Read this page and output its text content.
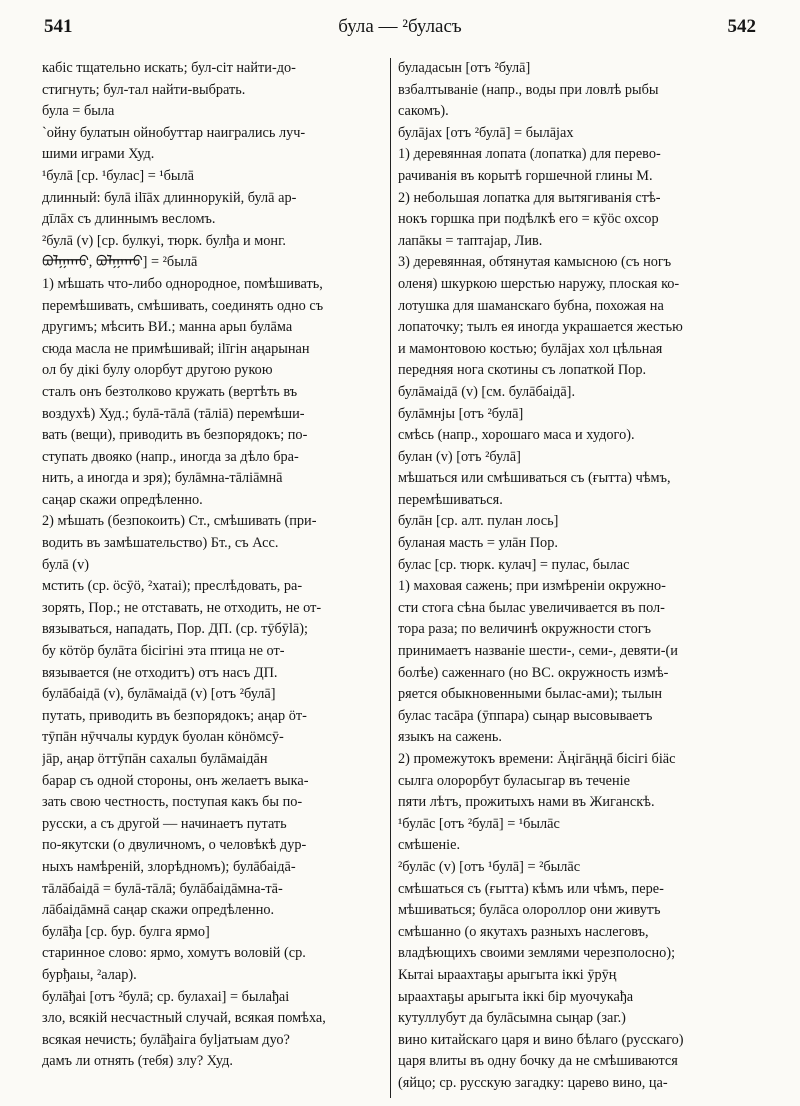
541	була — ²буласъ	542
кабіс тщательно искать; бул-сіт найти-до-
стигнуть; бул-тал найти-выбрать.
була = была
`ойну булатын ойнобуттар наигрались луч-
шими играми Худ.
¹булā [ср. ¹булас] = ¹былā
длинный: булā ilīāх длиннорукій, булā ар-
дīлāх съ длиннымъ весломъ.
²булā (v) [ср. булкуі, тюрк. булђа и монг.
ᠪᠤᠯᠭᠠᠬᠤ, ᠪᠤᠯᠭᠠᠬᠤ] = ²былā
1) мѣшать что-либо однородное, помѣшивать,
перемѣшивать, смѣшивать, соединять одно съ
другимъ; мѣсить ВИ.; манна арыı булāма
сюда масла не примѣшивай; ilīгін аңарынан
ол бу дікі булу олорбут другою рукою
сталъ онъ безтолково кружать (вертѣть въ
воздухѣ) Худ.; булā-тāлā (тāліā) перемѣши-
вать (вещи), приводить въ безпорядокъ; по-
ступать двояко (напр., иногда за дѣло бра-
нить, а иногда и зря); булāмна-тāліāмнā
саңар скажи опредѣленно.
2) мѣшать (безпокоить) Ст., смѣшивать (при-
водить въ замѣшательство) Бт., съ Асс.
булā (v)
мстить (ср. öсӯö, ²хатаі); преслѣдовать, ра-
зорять, Пор.; не отставать, не отходить, не от-
вязываться, нападать, Пор. ДП. (ср. тӯбӯlā);
бу кöтöр булāта бісігіні эта птица не от-
вязывается (не отходитъ) отъ насъ ДП.
булāбаідā (v), булāмаідā (v) [отъ ²булā]
путать, приводить въ безпорядокъ; аңар öт-
тӯпāн нӯччалы курдук буолан кöнöмсӯ-
jāр, аңар öттӯпāн сахалыı булāмаідāн
барар съ одной стороны, онъ желаетъ выка-
зать свою честность, поступая какъ бы по-
русски, а съ другой — начинаетъ путать
по-якутски (о двуличномъ, о человѣкѣ дур-
ныхъ намѣреній, злорѣдномъ); булāбаідā-
тāлāбаідā = булā-тāлā; булāбаідāмна-тā-
лāбаідāмнā саңар скажи опредѣленно.
булāђа [ср. бур. булга ярмо]
старинное слово: ярмо, хомутъ воловій (ср.
бурђаıы, ²алар).
булāђаі [отъ ²булā; ср. булахаі] = былађаі
зло, всякій несчастный случай, всякая помѣха,
всякая нечисть; булāђаіга буljатыам дуо?
дамъ ли отнять (тебя) злу? Худ.
буладасын [отъ ²булā]
взбалтываніе (напр., воды при ловлѣ рыбы
сакомъ).
булājах [отъ ²булā] = былājах
1) деревянная лопата (лопатка) для перево-
рачиванія въ корытѣ горшечной глины М.
2) небольшая лопатка для вытягиванія стѣ-
нокъ горшка при подѣлкѣ его = кӯöс охсор
лапāкы = таптаjар, Лив.
3) деревянная, обтянутая камысною (съ ногъ
оленя) шкуркою шерстью наружу, плоская ко-
лотушка для шаманскаго бубна, похожая на
лопаточку; тылъ ея иногда украшается жестью
и мамонтовою костью; булājах хол цѣльная
передняя нога скотины съ лопаткой Пор.
булāмаідā (v) [см. булāбаідā].
булāмнjы [отъ ²булā]
смѣсь (напр., хорошаго маса и худого).
булан (v) [отъ ²булā]
мѣшаться или смѣшиваться съ (ғытта) чѣмъ,
перемѣшиваться.
булāн [ср. алт. пулан лось]
буланая масть = улāн Пор.
булас [ср. тюрк. кулач] = пулас, былас
1) маховая сажень; при измѣреніи окружно-
сти стога сѣна былас увеличивается въ пол-
тора раза; по величинѣ окружности стогъ
принимаетъ названіе шести-, семи-, девяти-(и
болѣе) саженнаго (но ВС. окружность измѣ-
ряется обыкновенными былас-ами); тылын
булас тасāра (ӯппара) сыңар высовываетъ
языкъ на сажень.
2) промежутокъ времени: Äңігāңңā бісігі біäс
сылга олорорбут буласыгар въ теченіе
пяти лѣтъ, прожитыхъ нами въ Жиганскѣ.
¹булāс [отъ ²булā] = ¹былāс
смѣшеніе.
²булāс (v) [отъ ¹булā] = ²былāс
смѣшаться съ (ғытта) кѣмъ или чѣмъ, пере-
мѣшиваться; булāса олороллор они живутъ
смѣшанно (о якутахъ разныхъ наслеговъ,
владѣющихъ своими землями черезполосно);
Кытаі ыраахтаҕы арыгыта іккі ӯрӯң
ыраахтаҕы арыгыта іккі бір муочукађа
кутуллубут да булāсымна сыңар (заг.)
вино китайскаго царя и вино бѣлаго (русскаго)
царя влиты въ одну бочку да не смѣшиваются
(яйцо; ср. русскую загадку: царево вино, ца-
